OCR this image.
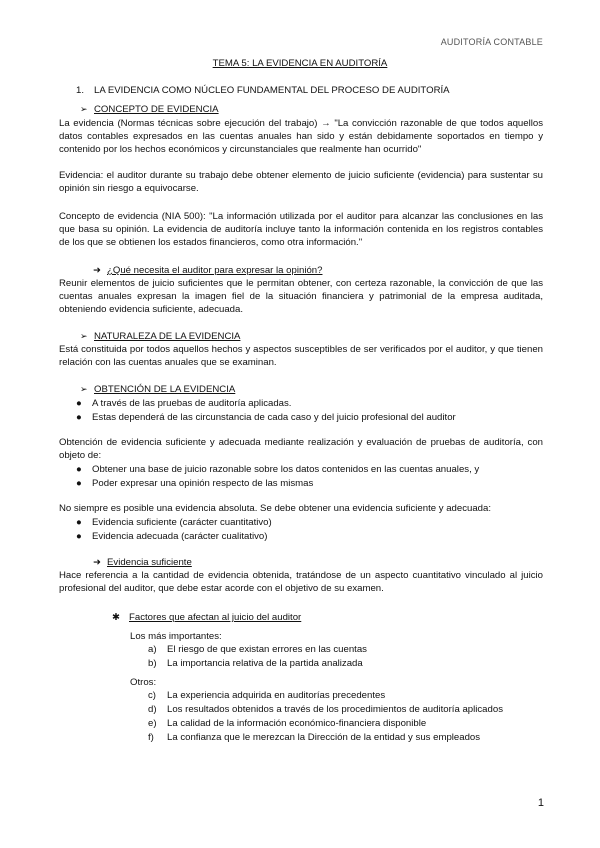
AUDITORÍA CONTABLE
TEMA 5: LA EVIDENCIA EN AUDITORÍA
1. LA EVIDENCIA COMO NÚCLEO FUNDAMENTAL DEL PROCESO DE AUDITORÍA
➢ CONCEPTO DE EVIDENCIA

La evidencia (Normas técnicas sobre ejecución del trabajo) → "La convicción razonable de que todos aquellos datos contables expresados en las cuentas anuales han sido y están debidamente soportados en tiempo y contenido por los hechos económicos y circunstanciales que realmente han ocurrido"

Evidencia: el auditor durante su trabajo debe obtener elemento de juicio suficiente (evidencia) para sustentar su opinión sin riesgo a equivocarse.

Concepto de evidencia (NIA 500): "La información utilizada por el auditor para alcanzar las conclusiones en las que basa su opinión. La evidencia de auditoría incluye tanto la información contenida en los registros contables de los que se obtienen los estados financieros, como otra información."

➜ ¿Qué necesita el auditor para expresar la opinión?

Reunir elementos de juicio suficientes que le permitan obtener, con certeza razonable, la convicción de que las cuentas anuales expresan la imagen fiel de la situación financiera y patrimonial de la empresa auditada, obteniendo evidencia suficiente, adecuada.

➢ NATURALEZA DE LA EVIDENCIA

Está constituida por todos aquellos hechos y aspectos susceptibles de ser verificados por el auditor, y que tienen relación con las cuentas anuales que se examinan.

➢ OBTENCIÓN DE LA EVIDENCIA
● A través de las pruebas de auditoría aplicadas.
● Estas dependerá de las circunstancia de cada caso y del juicio profesional del auditor

Obtención de evidencia suficiente y adecuada mediante realización y evaluación de pruebas de auditoría, con objeto de:

● Obtener una base de juicio razonable sobre los datos contenidos en las cuentas anuales, y
● Poder expresar una opinión respecto de las mismas

No siempre es posible una evidencia absoluta. Se debe obtener una evidencia suficiente y adecuada:

● Evidencia suficiente (carácter cuantitativo)
● Evidencia adecuada (carácter cualitativo)
➜ Evidencia suficiente

Hace referencia a la cantidad de evidencia obtenida, tratándose de un aspecto cuantitativo vinculado al juicio profesional del auditor, que debe estar acorde con el objetivo de su examen.

✱ Factores que afectan al juicio del auditor
Los más importantes:
a) El riesgo de que existan errores en las cuentas
b) La importancia relativa de la partida analizada
Otros:
c) La experiencia adquirida en auditorías precedentes
d) Los resultados obtenidos a través de los procedimientos de auditoría aplicados
e) La calidad de la información económico-financiera disponible
f) La confianza que le merezcan la Dirección de la entidad y sus empleados
1
